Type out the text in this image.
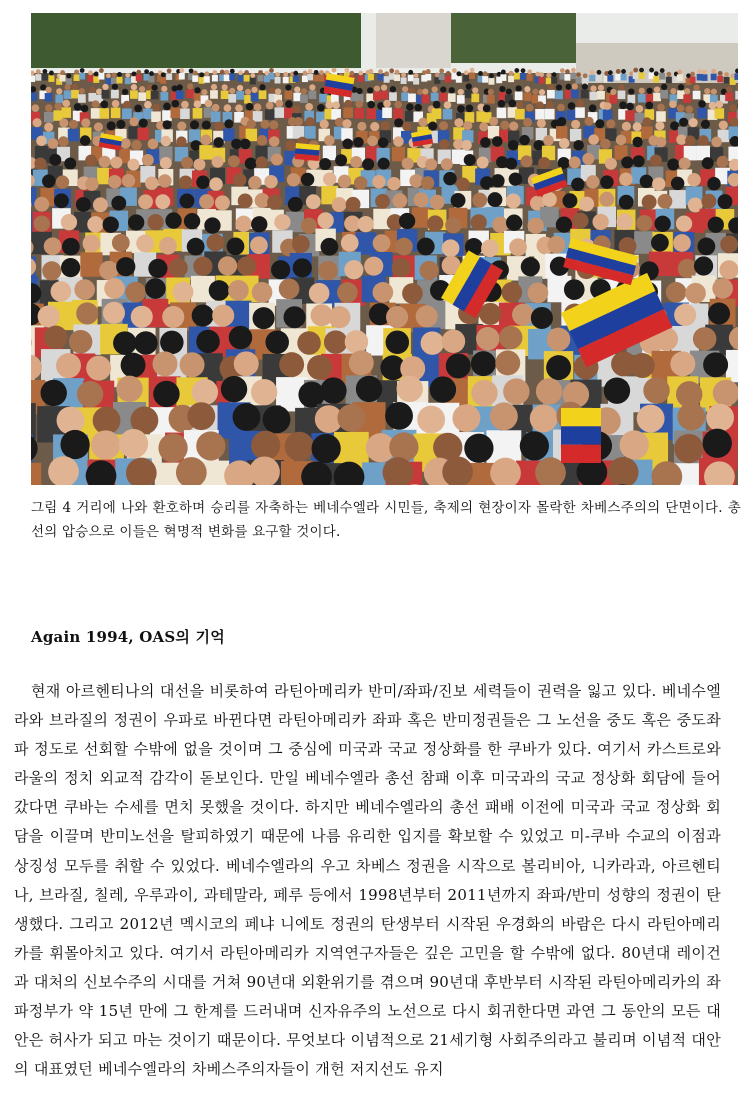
그림 4 거리에 나와 환호하며 승리를 자축하는 베네수엘라 시민들, 축제의 현장이자 몰락한 차베스주의의 단면이다. 총선의 압승으로 이들은 혁명적 변화를 요구할 것이다.
Again 1994, OAS의 기억

현재 아르헨티나의 대선을 비롯하여 라틴아메리카 반미/좌파/진보 세력들이 권력을 잃고 있다. 베네수엘라와 브라질의 정권이 우파로 바뀐다면 라틴아메리카 좌파 혹은 반미정권들은 그 노선을 중도 혹은 중도좌파 정도로 선회할 수밖에 없을 것이며 그 중심에 미국과 국교 정상화를 한 쿠바가 있다. 여기서 카스트로와 라울의 정치 외교적 감각이 돋보인다. 만일 베네수엘라 총선 참패 이후 미국과의 국교 정상화 회담에 들어갔다면 쿠바는 수세를 면치 못했을 것이다. 하지만 베네수엘라의 총선 패배 이전에 미국과 국교 정상화 회담을 이끌며 반미노선을 탈피하였기 때문에 나름 유리한 입지를 확보할 수 있었고 미-쿠바 수교의 이점과 상징성 모두를 취할 수 있었다. 베네수엘라의 우고 차베스 정권을 시작으로 볼리비아, 니카라과, 아르헨티나, 브라질, 칠레, 우루과이, 과테말라, 페루 등에서 1998년부터 2011년까지 좌파/반미 성향의 정권이 탄생했다. 그리고 2012년 멕시코의 페냐 니에토 정권의 탄생부터 시작된 우경화의 바람은 다시 라틴아메리카를 휘몰아치고 있다. 여기서 라틴아메리카 지역연구자들은 깊은 고민을 할 수밖에 없다. 80년대 레이건과 대처의 신보수주의 시대를 거쳐 90년대 외환위기를 겪으며 90년대 후반부터 시작된 라틴아메리카의 좌파정부가 약 15년 만에 그 한계를 드러내며 신자유주의 노선으로 다시 회귀한다면 과연 그 동안의 모든 대안은 허사가 되고 마는 것이기 때문이다. 무엇보다 이념적으로 21세기형 사회주의라고 불리며 이념적 대안의 대표였던 베네수엘라의 차베스주의자들이 개헌 저지선도 유지
